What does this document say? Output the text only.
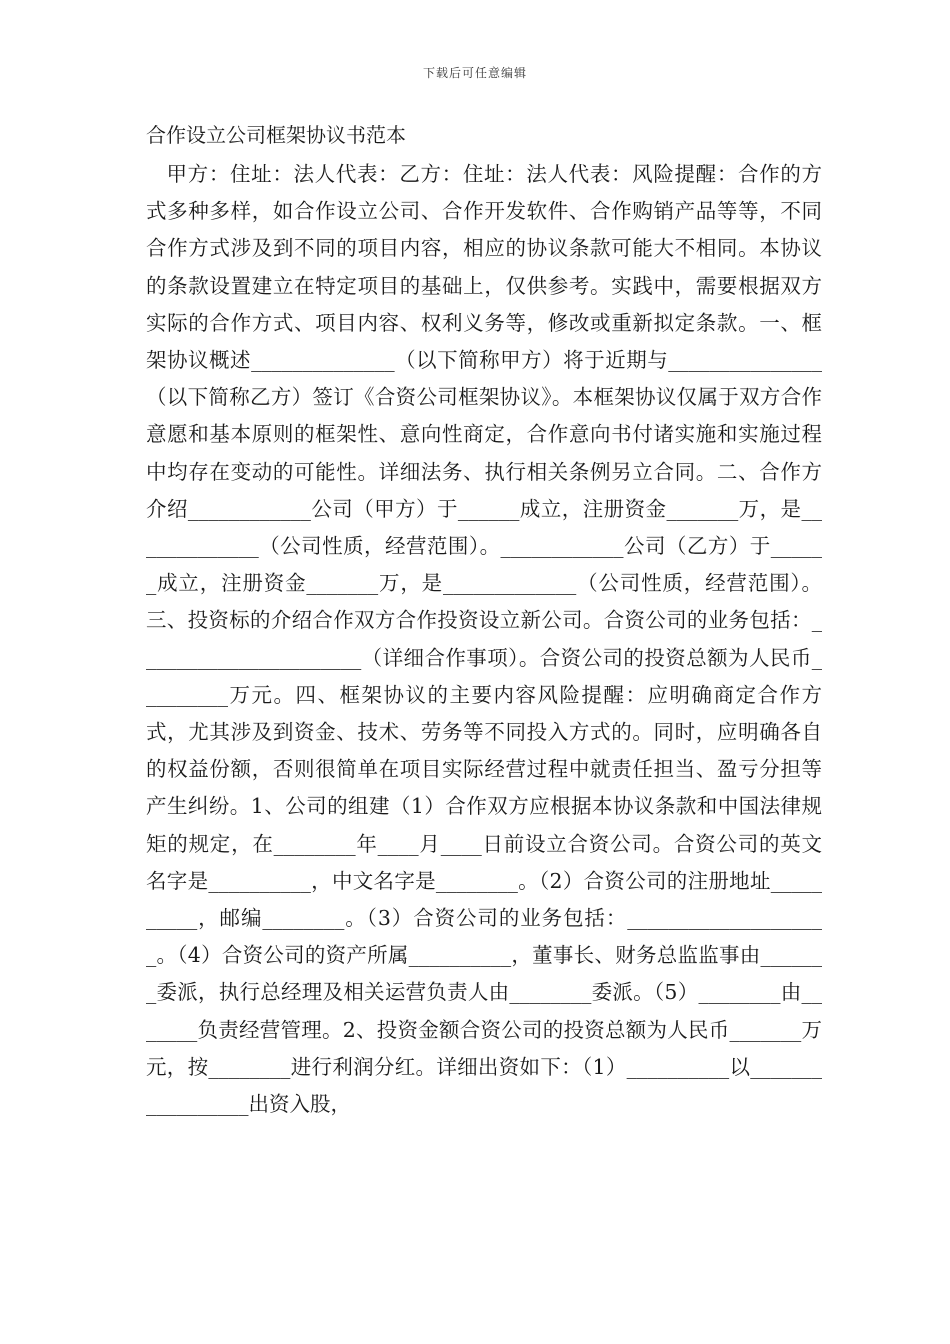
下载后可任意编辑
合作设立公司框架协议书范本

甲方：住址：法人代表：乙方：住址：法人代表：风险提醒：合作的方式多种多样，如合作设立公司、合作开发软件、合作购销产品等等，不同合作方式涉及到不同的项目内容，相应的协议条款可能大不相同。本协议的条款设置建立在特定项目的基础上，仅供参考。实践中，需要根据双方实际的合作方式、项目内容、权利义务等，修改或重新拟定条款。一、框架协议概述______________（以下简称甲方）将于近期与_______________（以下简称乙方）签订《合资公司框架协议》。本框架协议仅属于双方合作意愿和基本原则的框架性、意向性商定，合作意向书付诸实施和实施过程中均存在变动的可能性。详细法务、执行相关条例另立合同。二、合作方介绍____________公司（甲方）于______成立，注册资金_______万，是_____________（公司性质，经营范围）。____________公司（乙方）于______成立，注册资金_______万，是_____________（公司性质，经营范围）。三、投资标的介绍合作双方合作投资设立新公司。合资公司的业务包括：______________________（详细合作事项）。合资公司的投资总额为人民币_________万元。四、框架协议的主要内容风险提醒：应明确商定合作方式，尤其涉及到资金、技术、劳务等不同投入方式的。同时，应明确各自的权益份额，否则很简单在项目实际经营过程中就责任担当、盈亏分担等产生纠纷。1、公司的组建（1）合作双方应根据本协议条款和中国法律规矩的规定，在________年____月____日前设立合资公司。合资公司的英文名字是__________，中文名字是________。（2）合资公司的注册地址__________，邮编________。（3）合资公司的业务包括：____________________。（4）合资公司的资产所属__________，董事长、财务总监监事由_______委派，执行总经理及相关运营负责人由________委派。（5）________由_______负责经营管理。2、投资金额合资公司的投资总额为人民币_______万元，按________进行利润分红。详细出资如下：（1）__________以_________________出资入股，
